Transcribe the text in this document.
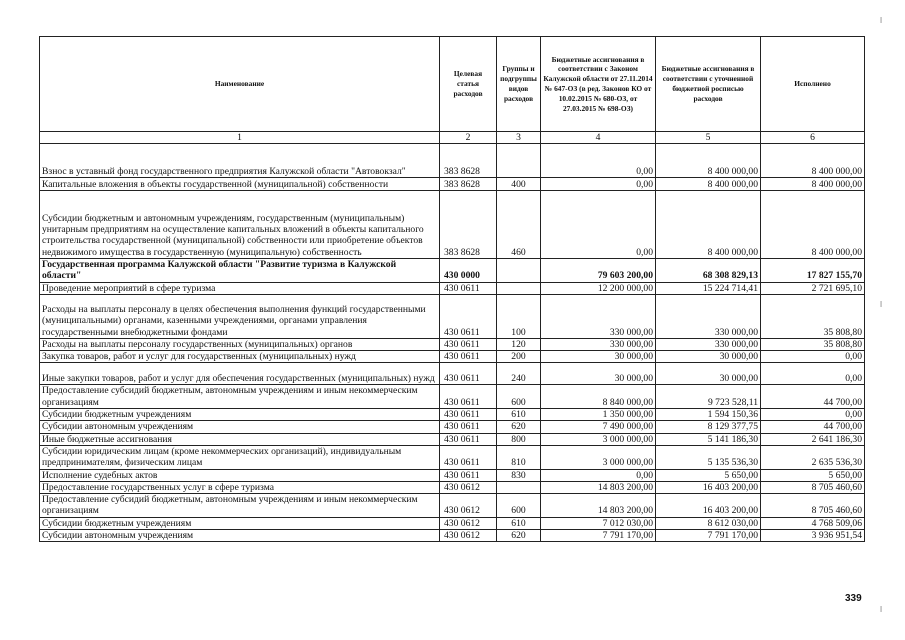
Наименование	Целевая статья расходов	Группы и подгруппы видов расходов	Бюджетные ассигнования в соответствии с Законом Калужской области от 27.11.2014 № 647-ОЗ (в ред. Законов КО от 10.02.2015 № 680-ОЗ, от 27.03.2015 № 698-ОЗ)	Бюджетные ассигнования в соответствии с уточненной бюджетной росписью расходов	Исполнено
1	2	3	4	5	6
Взнос в уставный фонд государственного предприятия Калужской области "Автовокзал"	383 8628		0,00	8 400 000,00	8 400 000,00
Капитальные вложения в объекты государственной (муниципальной) собственности	383 8628	400	0,00	8 400 000,00	8 400 000,00
Субсидии бюджетным и автономным учреждениям, государственным (муниципальным) унитарным предприятиям на осуществление капитальных вложений в объекты капитального строительства государственной (муниципальной) собственности или приобретение объектов недвижимого имущества в государственную (муниципальную) собственность	383 8628	460	0,00	8 400 000,00	8 400 000,00
Государственная программа Калужской области "Развитие туризма в Калужской области"	430 0000		79 603 200,00	68 308 829,13	17 827 155,70
Проведение мероприятий в сфере туризма	430 0611		12 200 000,00	15 224 714,41	2 721 695,10
Расходы на выплаты персоналу в целях обеспечения выполнения функций государственными (муниципальными) органами, казенными учреждениями, органами управления государственными внебюджетными фондами	430 0611	100	330 000,00	330 000,00	35 808,80
Расходы на выплаты персоналу государственных (муниципальных) органов	430 0611	120	330 000,00	330 000,00	35 808,80
Закупка товаров, работ и услуг для государственных (муниципальных) нужд	430 0611	200	30 000,00	30 000,00	0,00
Иные закупки товаров, работ и услуг для обеспечения государственных (муниципальных) нужд	430 0611	240	30 000,00	30 000,00	0,00
Предоставление субсидий бюджетным, автономным учреждениям и иным некоммерческим организациям	430 0611	600	8 840 000,00	9 723 528,11	44 700,00
Субсидии бюджетным учреждениям	430 0611	610	1 350 000,00	1 594 150,36	0,00
Субсидии автономным учреждениям	430 0611	620	7 490 000,00	8 129 377,75	44 700,00
Иные бюджетные ассигнования	430 0611	800	3 000 000,00	5 141 186,30	2 641 186,30
Субсидии юридическим лицам (кроме некоммерческих организаций), индивидуальным предпринимателям, физическим лицам	430 0611	810	3 000 000,00	5 135 536,30	2 635 536,30
Исполнение судебных актов	430 0611	830	0,00	5 650,00	5 650,00
Предоставление государственных услуг в сфере туризма	430 0612		14 803 200,00	16 403 200,00	8 705 460,60
Предоставление субсидий бюджетным, автономным учреждениям и иным некоммерческим организациям	430 0612	600	14 803 200,00	16 403 200,00	8 705 460,60
Субсидии бюджетным учреждениям	430 0612	610	7 012 030,00	8 612 030,00	4 768 509,06
Субсидии автономным учреждениям	430 0612	620	7 791 170,00	7 791 170,00	3 936 951,54
339
ǀ
ǀ
ǀ
